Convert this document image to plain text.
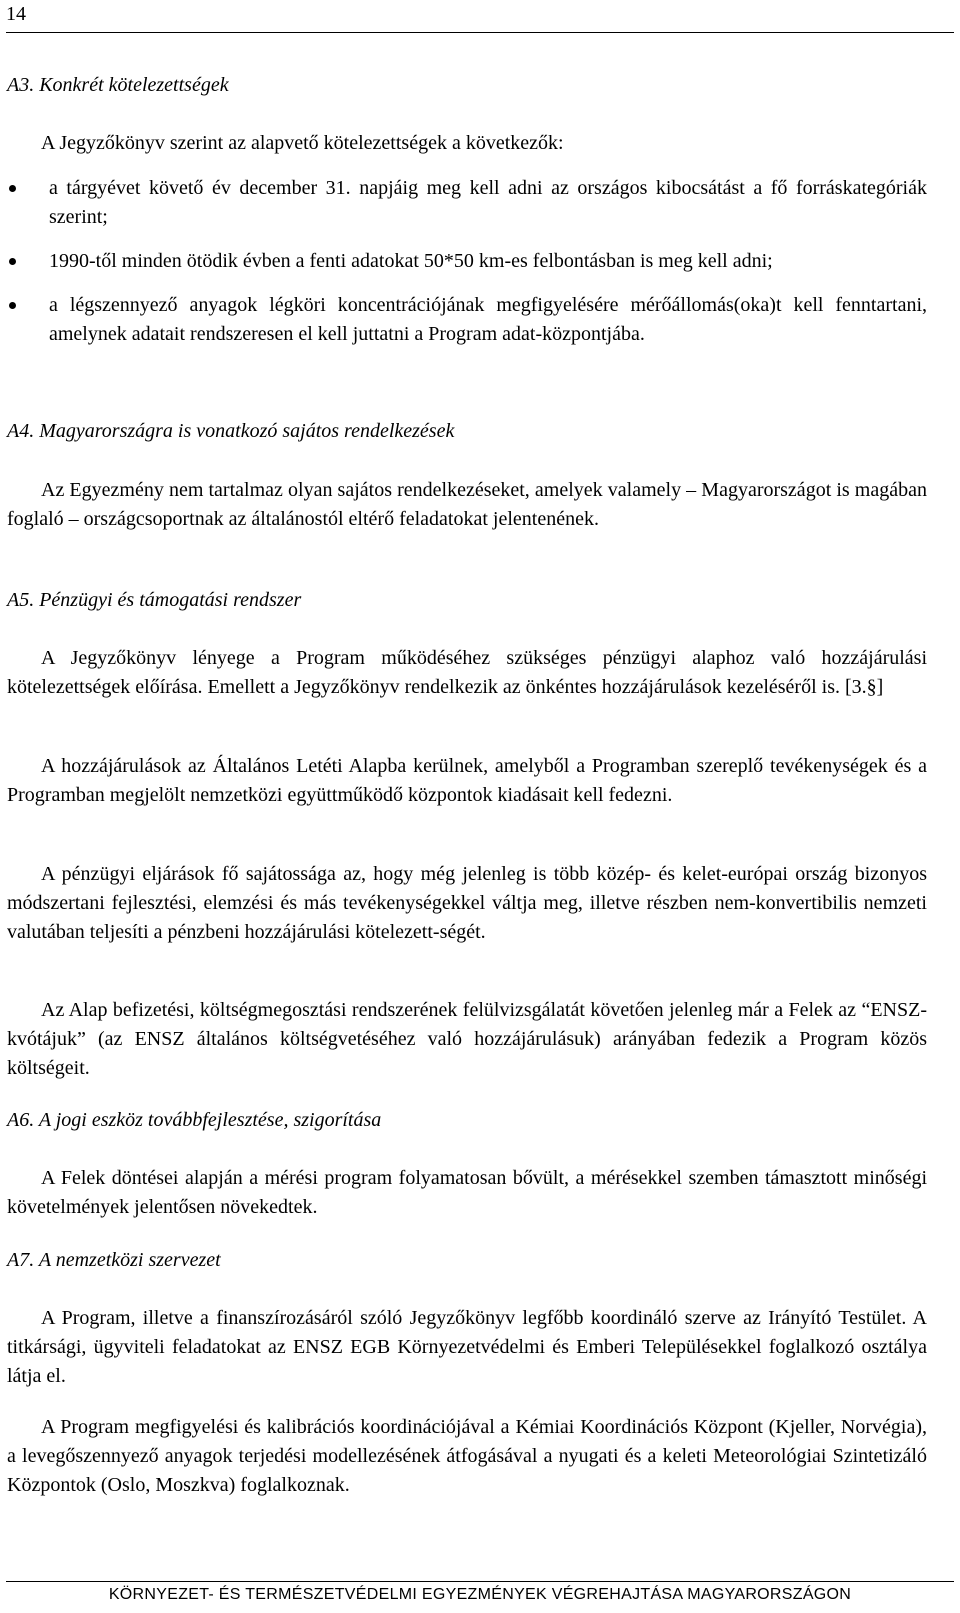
14
A3. Konkrét kötelezettségek

A Jegyzőkönyv szerint az alapvető kötelezettségek a következők:

a tárgyévet követő év december 31. napjáig meg kell adni az országos kibocsátást a fő forráskategóriák szerint;
1990-től minden ötödik évben a fenti adatokat 50*50 km-es felbontásban is meg kell adni;
a légszennyező anyagok légköri koncentrációjának megfigyelésére mérőállomás(oka)t kell fenntartani, amelynek adatait rendszeresen el kell juttatni a Program adat-központjába.
A4. Magyarországra is vonatkozó sajátos rendelkezések

Az Egyezmény nem tartalmaz olyan sajátos rendelkezéseket, amelyek valamely – Magyarországot is magában foglaló – országcsoportnak az általánostól eltérő feladatokat jelentenének.

A5. Pénzügyi és támogatási rendszer

A Jegyzőkönyv lényege a Program működéséhez szükséges pénzügyi alaphoz való hozzájárulási kötelezettségek előírása. Emellett a Jegyzőkönyv rendelkezik az önkéntes hozzájárulások kezeléséről is. [3.§]

A hozzájárulások az Általános Letéti Alapba kerülnek, amelyből a Programban szereplő tevékenységek és a Programban megjelölt nemzetközi együttműködő központok kiadásait kell fedezni.

A pénzügyi eljárások fő sajátossága az, hogy még jelenleg is több közép- és kelet-európai ország bizonyos módszertani fejlesztési, elemzési és más tevékenységekkel váltja meg, illetve részben nem-konvertibilis nemzeti valutában teljesíti a pénzbeni hozzájárulási kötelezett-ségét.

Az Alap befizetési, költségmegosztási rendszerének felülvizsgálatát követően jelenleg már a Felek az “ENSZ-kvótájuk” (az ENSZ általános költségvetéséhez való hozzájárulásuk) arányában fedezik a Program közös költségeit.

A6. A jogi eszköz továbbfejlesztése, szigorítása

A Felek döntései alapján a mérési program folyamatosan bővült, a mérésekkel szemben támasztott minőségi követelmények jelentősen növekedtek.

A7. A nemzetközi szervezet

A Program, illetve a finanszírozásáról szóló Jegyzőkönyv legfőbb koordináló szerve az Irányító Testület. A titkársági, ügyviteli feladatokat az ENSZ EGB Környezetvédelmi és Emberi Településekkel foglalkozó osztálya látja el.

A Program megfigyelési és kalibrációs koordinációjával a Kémiai Koordinációs Központ (Kjeller, Norvégia), a levegőszennyező anyagok terjedési modellezésének átfogásával a nyugati és a keleti Meteorológiai Szintetizáló Központok (Oslo, Moszkva) foglalkoznak.

KÖRNYEZET- ÉS TERMÉSZETVÉDELMI EGYEZMÉNYEK VÉGREHAJTÁSA MAGYARORSZÁGON
